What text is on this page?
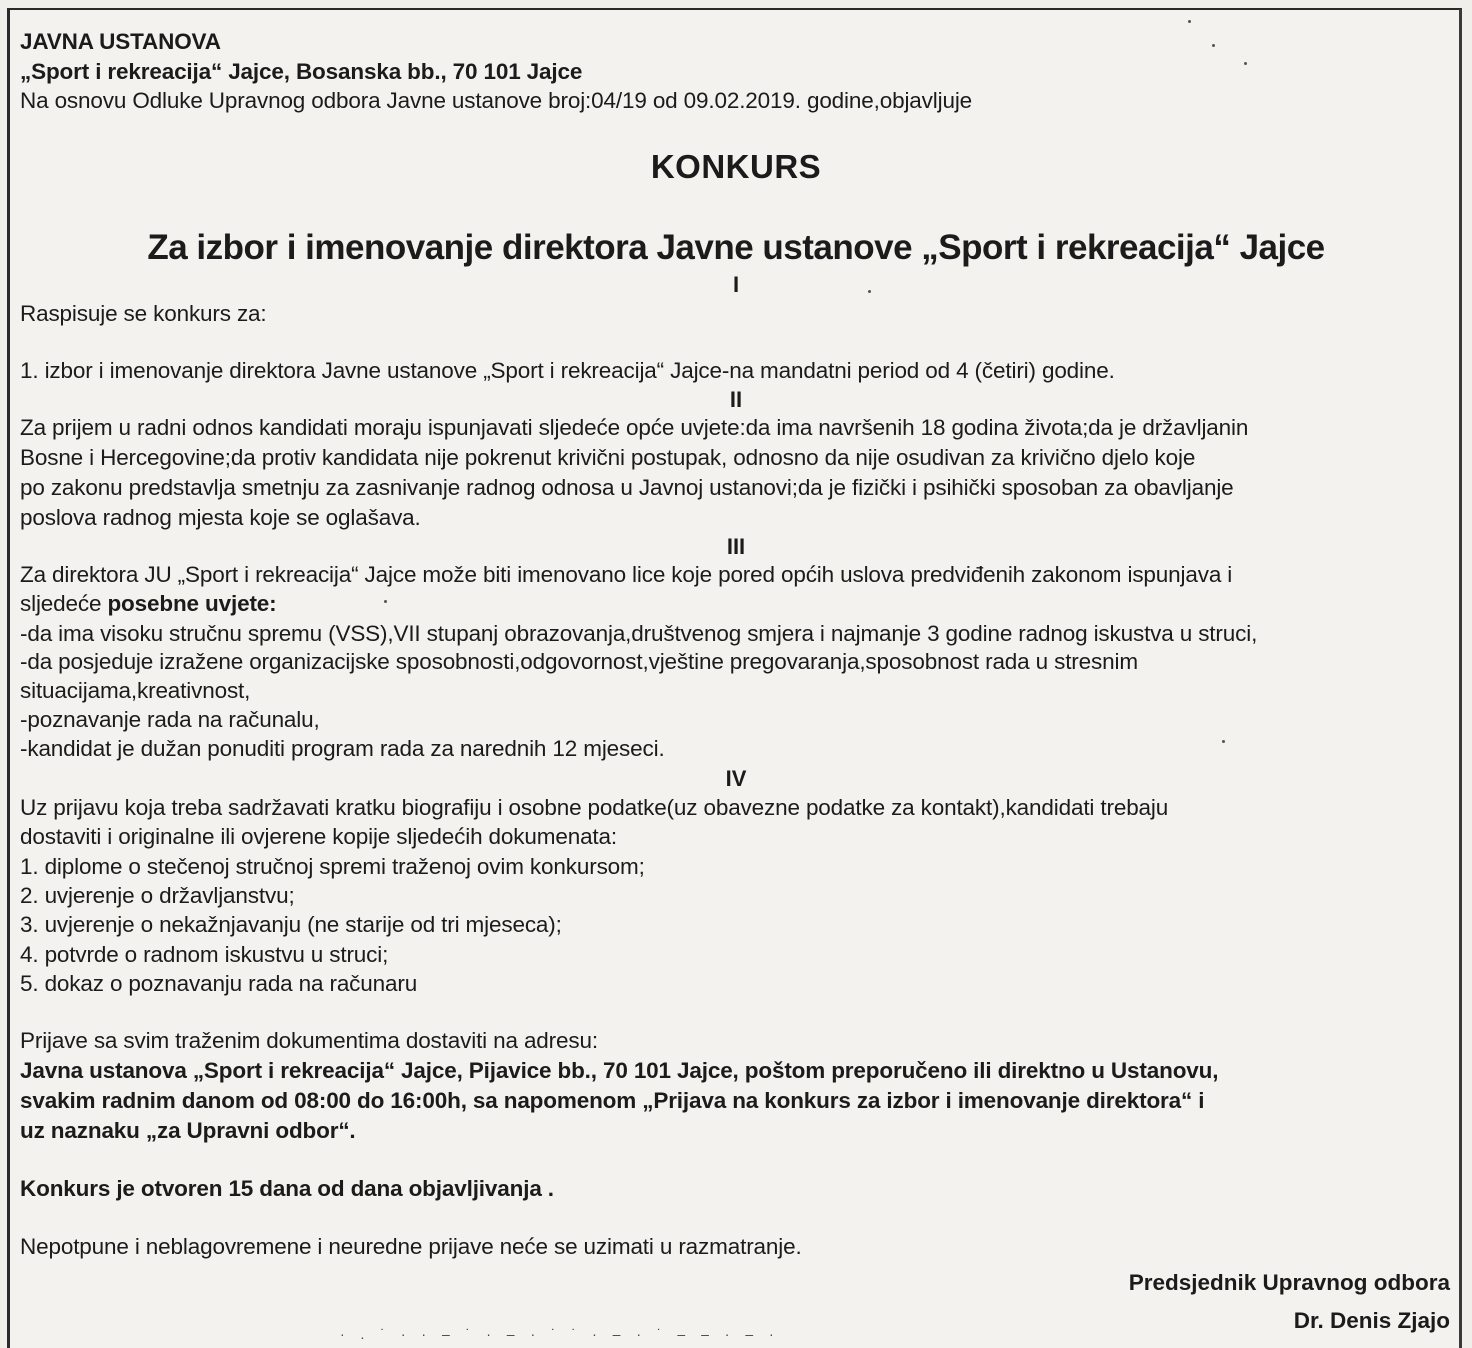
JAVNA USTANOVA
„Sport i rekreacija“ Jajce, Bosanska bb., 70 101 Jajce
Na osnovu Odluke Upravnog odbora Javne ustanove broj:04/19 od 09.02.2019. godine,objavljuje
KONKURS
Za izbor i imenovanje direktora Javne ustanove „Sport i rekreacija“ Jajce
I
Raspisuje se konkurs za:
1. izbor i imenovanje direktora Javne ustanove „Sport i rekreacija“ Jajce-na mandatni period od 4 (četiri) godine.
II
Za prijem u radni odnos kandidati moraju ispunjavati sljedeće opće uvjete:da ima navršenih 18 godina života;da je državljanin
Bosne i Hercegovine;da protiv kandidata nije pokrenut krivični postupak, odnosno da nije osudivan za krivično djelo koje
po zakonu predstavlja smetnju za zasnivanje radnog odnosa u Javnoj ustanovi;da je fizički i psihički sposoban za obavljanje
poslova radnog mjesta koje se oglašava.
III
Za direktora JU „Sport i rekreacija“ Jajce može biti imenovano lice koje pored općih uslova predviđenih zakonom ispunjava i
sljedeće posebne uvjete:
-da ima visoku stručnu spremu (VSS),VII stupanj obrazovanja,društvenog smjera i najmanje 3 godine radnog iskustva u struci,
-da posjeduje izražene organizacijske sposobnosti,odgovornost,vještine pregovaranja,sposobnost rada u stresnim
situacijama,kreativnost,
-poznavanje rada na računalu,
-kandidat je dužan ponuditi program rada za narednih 12 mjeseci.
IV
Uz prijavu koja treba sadržavati kratku biografiju i osobne podatke(uz obavezne podatke za kontakt),kandidati trebaju
dostaviti i originalne ili ovjerene kopije sljedećih dokumenata:
1. diplome o stečenoj stručnoj spremi traženoj ovim konkursom;
2. uvjerenje o državljanstvu;
3. uvjerenje o nekažnjavanju (ne starije od tri mjeseca);
4. potvrde o radnom iskustvu u struci;
5. dokaz o poznavanju rada na računaru
Prijave sa svim traženim dokumentima dostaviti na adresu:
Javna ustanova „Sport i rekreacija“ Jajce, Pijavice bb., 70 101 Jajce, poštom preporučeno ili direktno u Ustanovu,
svakim radnim danom od 08:00 do 16:00h, sa napomenom „Prijava na konkurs za izbor i imenovanje direktora“ i
uz naznaku „za Upravni odbor“.
Konkurs je otvoren 15 dana od dana objavljivanja .
Nepotpune i neblagovremene i neuredne prijave neće se uzimati u razmatranje.
Predsjednik Upravnog odbora
Dr. Denis Zjajo
· . ˙ · · ‒ ˙ · ‒ · ˙ ˙ · ‒ · ˙ ‒ ‒ · ‒ ·
